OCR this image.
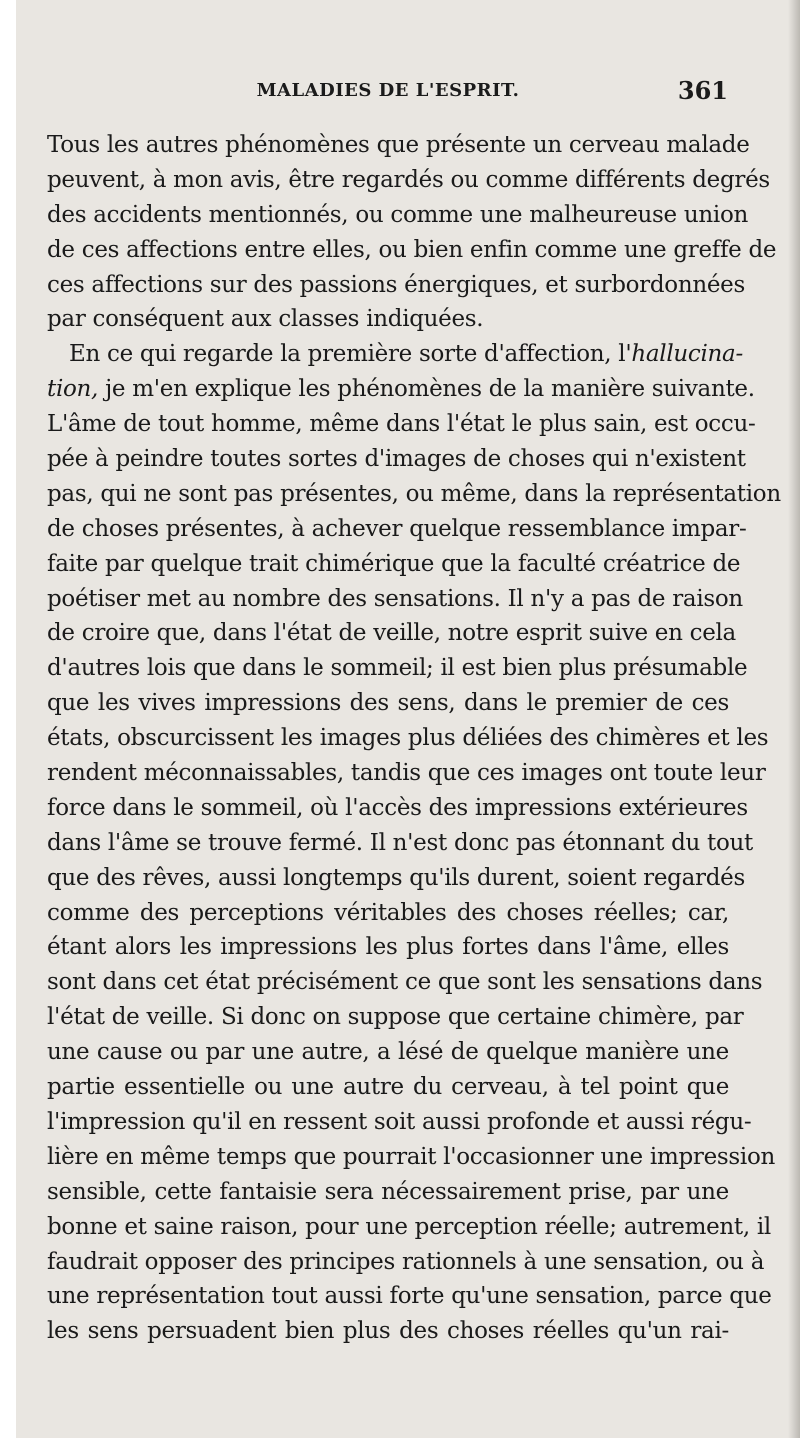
MALADIES DE L'ESPRIT.	361
Tous les autres phénomènes que présente un cerveau malade
peuvent, à mon avis, être regardés ou comme différents degrés
des accidents mentionnés, ou comme une malheureuse union
de ces affections entre elles, ou bien enfin comme une greffe de
ces affections sur des passions énergiques, et surbordonnées
par conséquent aux classes indiquées.
En ce qui regarde la première sorte d'affection, l'hallucina-
tion, je m'en explique les phénomènes de la manière suivante.
L'âme de tout homme, même dans l'état le plus sain, est occu-
pée à peindre toutes sortes d'images de choses qui n'existent
pas, qui ne sont pas présentes, ou même, dans la représentation
de choses présentes, à achever quelque ressemblance impar-
faite par quelque trait chimérique que la faculté créatrice de
poétiser met au nombre des sensations. Il n'y a pas de raison
de croire que, dans l'état de veille, notre esprit suive en cela
d'autres lois que dans le sommeil; il est bien plus présumable
que les vives impressions des sens, dans le premier de ces
états, obscurcissent les images plus déliées des chimères et les
rendent méconnaissables, tandis que ces images ont toute leur
force dans le sommeil, où l'accès des impressions extérieures
dans l'âme se trouve fermé. Il n'est donc pas étonnant du tout
que des rêves, aussi longtemps qu'ils durent, soient regardés
comme des perceptions véritables des choses réelles; car,
étant alors les impressions les plus fortes dans l'âme, elles
sont dans cet état précisément ce que sont les sensations dans
l'état de veille. Si donc on suppose que certaine chimère, par
une cause ou par une autre, a lésé de quelque manière une
partie essentielle ou une autre du cerveau, à tel point que
l'impression qu'il en ressent soit aussi profonde et aussi régu-
lière en même temps que pourrait l'occasionner une impression
sensible, cette fantaisie sera nécessairement prise, par une
bonne et saine raison, pour une perception réelle; autrement, il
faudrait opposer des principes rationnels à une sensation, ou à
une représentation tout aussi forte qu'une sensation, parce que
les sens persuadent bien plus des choses réelles qu'un rai-
